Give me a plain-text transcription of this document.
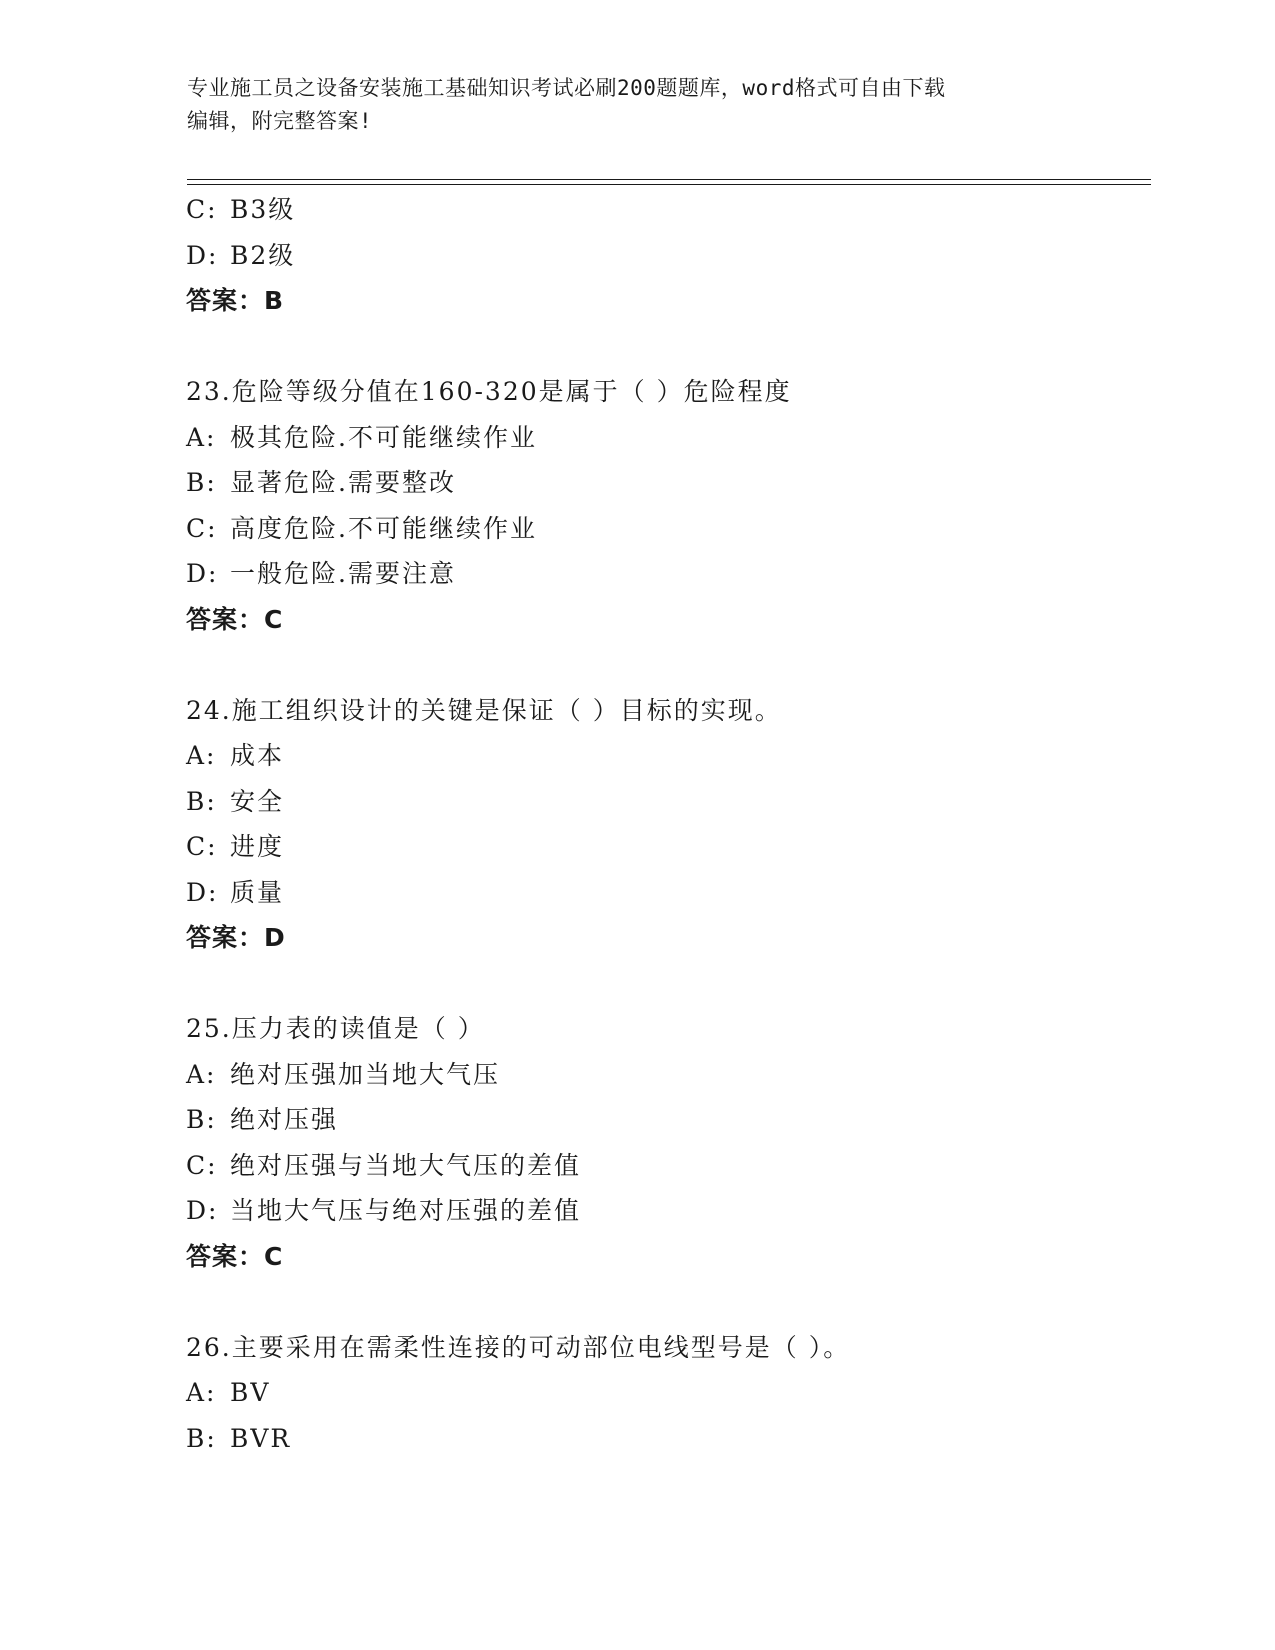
专业施工员之设备安装施工基础知识考试必刷200题题库，word格式可自由下载
编辑，附完整答案!
C: B3级
D: B2级
答案：B
23.危险等级分值在160-320是属于（ ）危险程度
A: 极其危险.不可能继续作业
B: 显著危险.需要整改
C: 高度危险.不可能继续作业
D: 一般危险.需要注意
答案：C
24.施工组织设计的关键是保证（ ）目标的实现。
A: 成本
B: 安全
C: 进度
D: 质量
答案：D
25.压力表的读值是（ ）
A: 绝对压强加当地大气压
B: 绝对压强
C: 绝对压强与当地大气压的差值
D: 当地大气压与绝对压强的差值
答案：C
26.主要采用在需柔性连接的可动部位电线型号是（ ）。
A: BV
B: BVR
